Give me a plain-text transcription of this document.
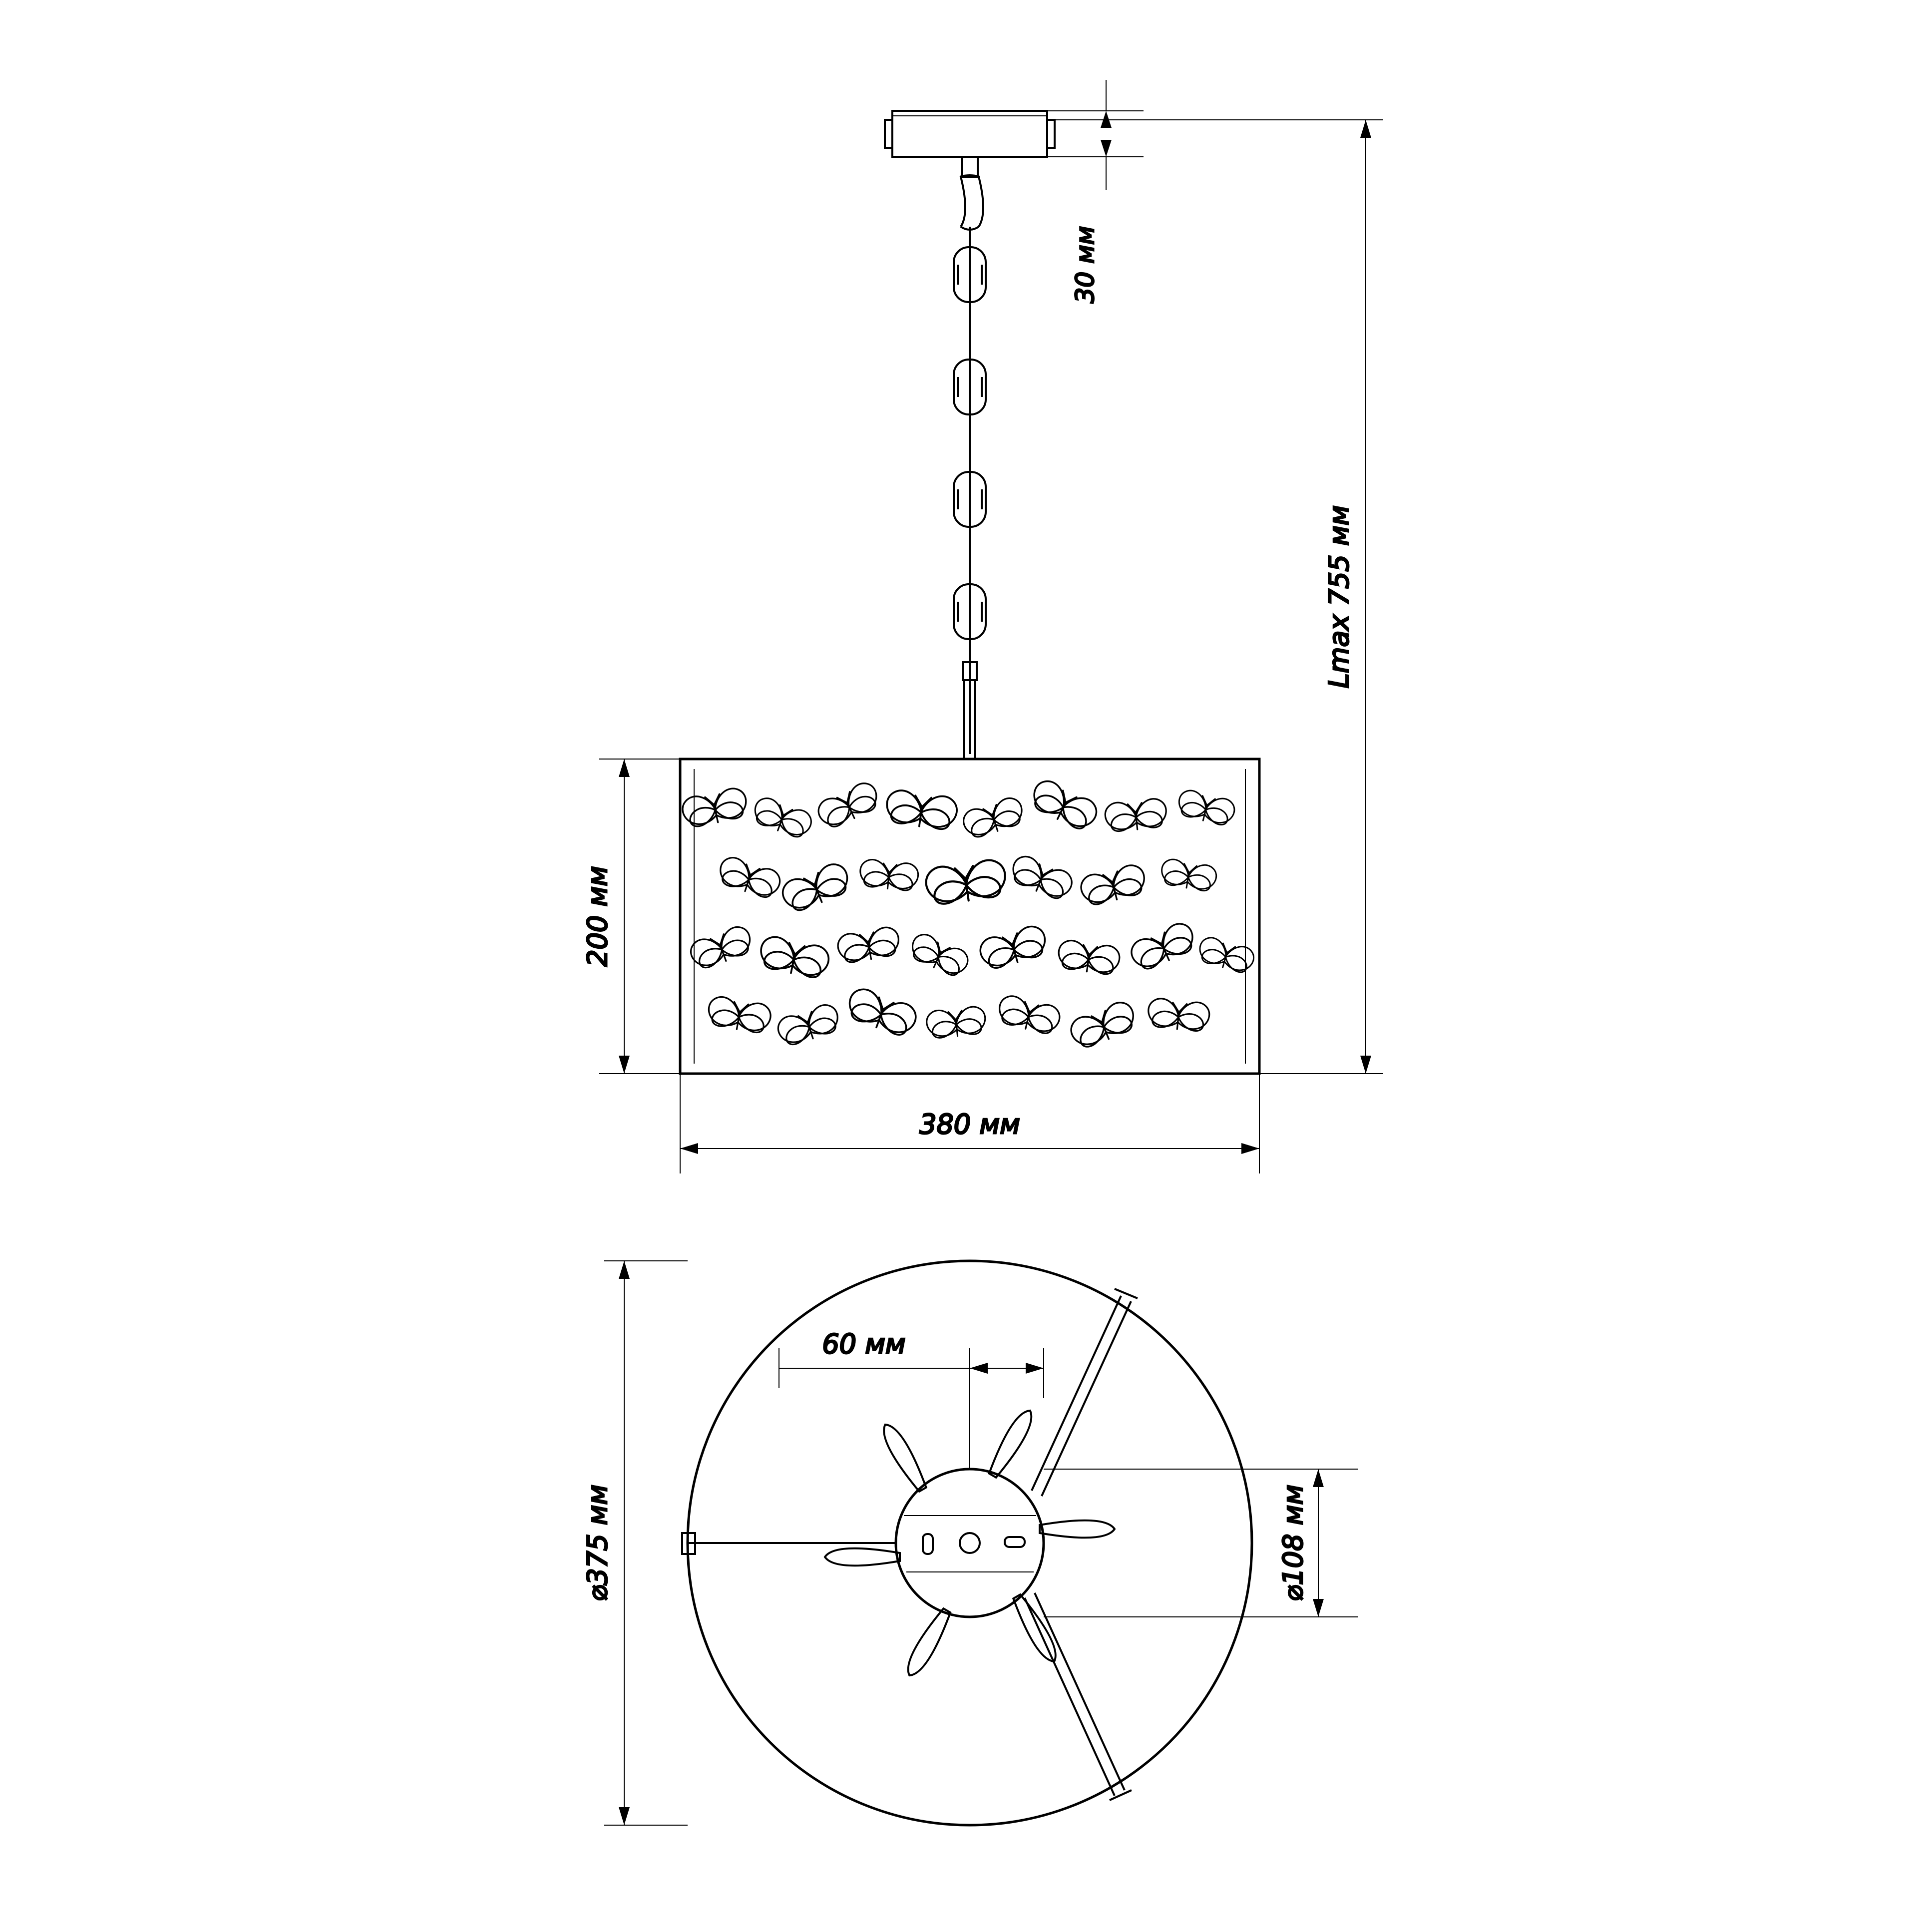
30 мм
Lmax 755 мм
200 мм
380 мм
⌀375 мм	⌀108 мм
60 мм
